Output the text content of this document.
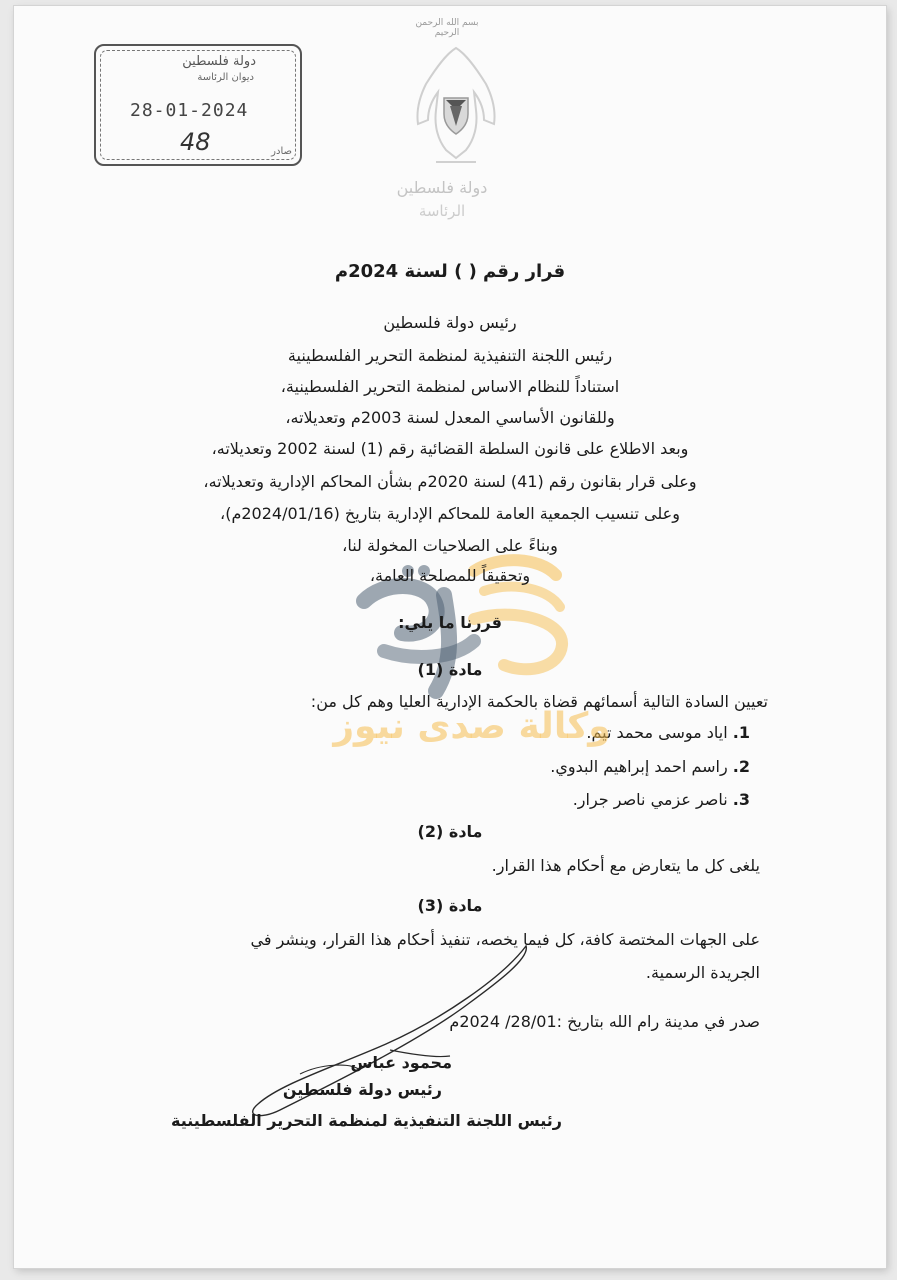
دولة فلسطين
ديوان الرئاسة
28-01-2024
48	صادر
بسم الله الرحمن الرحيم
دولة فلسطين
الرئاسة
قرار رقم ( ) لسنة 2024م
رئيس دولة فلسطين
رئيس اللجنة التنفيذية لمنظمة التحرير الفلسطينية
استناداً للنظام الاساس لمنظمة التحرير الفلسطينية،
وللقانون الأساسي المعدل لسنة 2003م وتعديلاته،
وبعد الاطلاع على قانون السلطة القضائية رقم (1) لسنة 2002 وتعديلاته،
وعلى قرار بقانون رقم (41) لسنة 2020م بشأن المحاكم الإدارية وتعديلاته،
وعلى تنسيب الجمعية العامة للمحاكم الإدارية بتاريخ (2024/01/16م)،
وبناءً على الصلاحيات المخولة لنا،
وتحقيقاً للمصلحة العامة،
قررنا ما يلي:
مادة (1)
تعيين السادة التالية أسمائهم قضاة بالحكمة الإدارية العليا وهم كل من:
1. اياد موسى محمد تيم.
2. راسم احمد إبراهيم البدوي.
3. ناصر عزمي ناصر جرار.
وكالة صدى نيوز
مادة (2)
يلغى كل ما يتعارض مع أحكام هذا القرار.
مادة (3)
على الجهات المختصة كافة، كل فيما يخصه، تنفيذ أحكام هذا القرار، وينشر في
الجريدة الرسمية.
صدر في مدينة رام الله بتاريخ :28/01/ 2024م
محمود عباس
رئيس دولة فلسطين
رئيس اللجنة التنفيذية لمنظمة التحرير الفلسطينية
